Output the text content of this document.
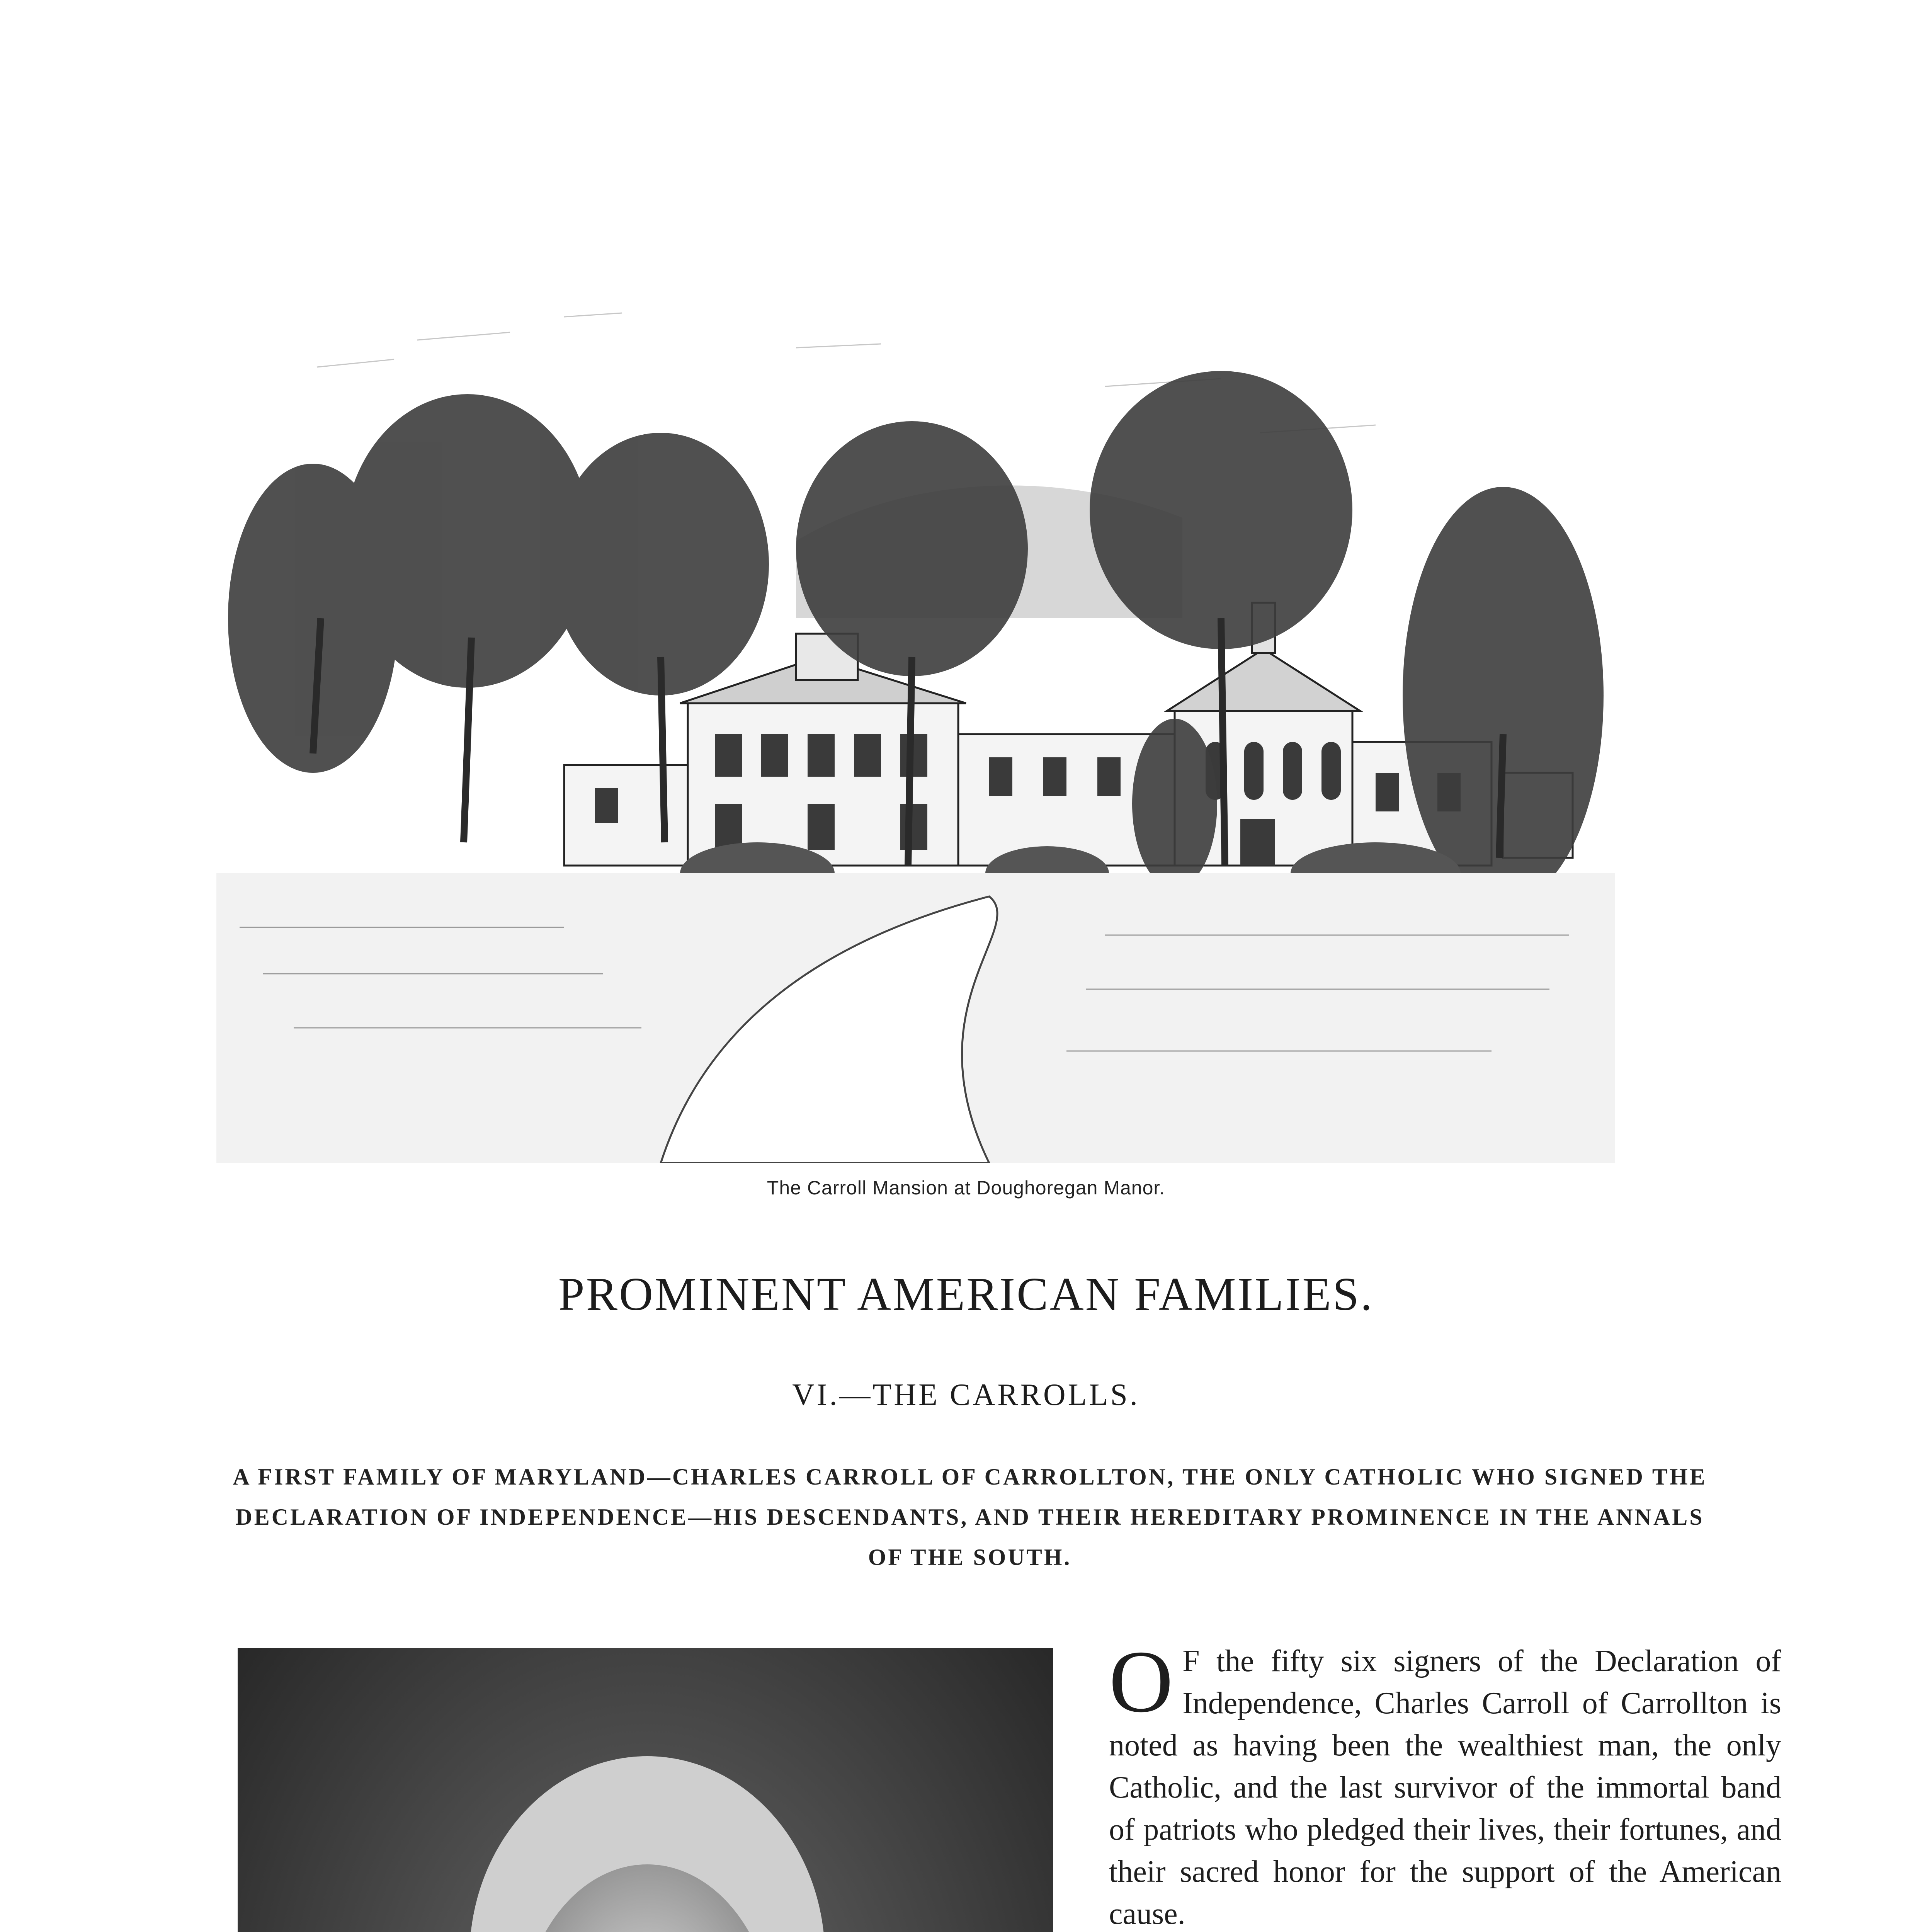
The Carroll Mansion at Doughoregan Manor.
PROMINENT AMERICAN FAMILIES.
VI.—THE CARROLLS.
A FIRST FAMILY OF MARYLAND—CHARLES CARROLL OF CARROLLTON, THE ONLY CATHOLIC WHO SIGNED THE DECLARATION OF INDEPENDENCE—HIS DESCENDANTS, AND THEIR HEREDITARY PROMINENCE IN THE ANNALS OF THE SOUTH.

O F the fifty six signers of the Declaration of Independence, Charles Carroll of Carrollton is noted as having been the wealthiest man, the only Catholic, and the last survivor of the immortal band of patriots who pledged their lives, their fortunes, and their sacred honor for the support of the American cause.
